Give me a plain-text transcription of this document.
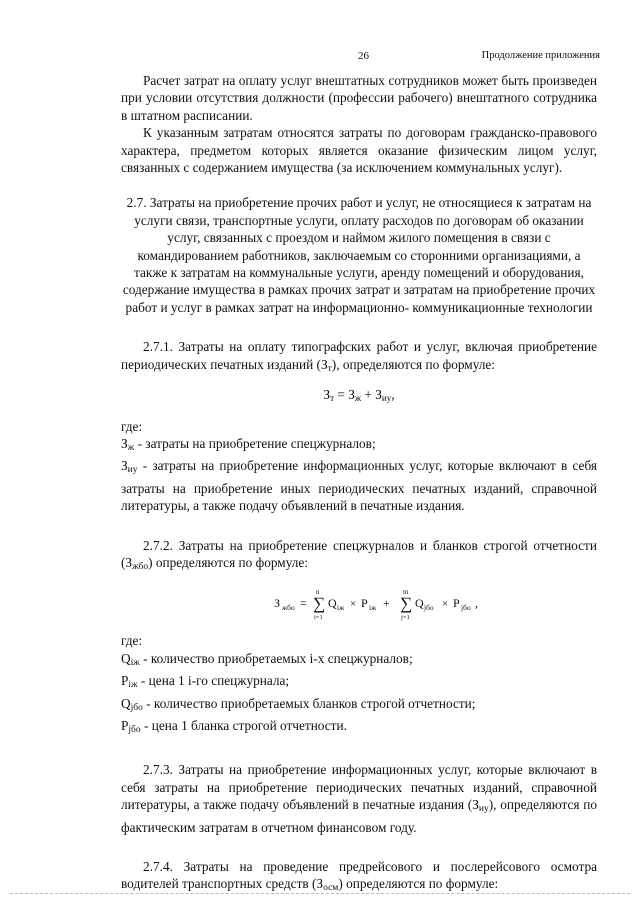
26	Продолжение приложения

Расчет затрат на оплату услуг внештатных сотрудников может быть произведен при условии отсутствия должности (профессии рабочего) внештатного сотрудника в штатном расписании.

К указанным затратам относятся затраты по договорам гражданско-правового характера, предметом которых является оказание физическим лицом услуг, связанных с содержанием имущества (за исключением коммунальных услуг).

2.7. Затраты на приобретение прочих работ и услуг, не относящиеся к затратам на услуги связи, транспортные услуги, оплату расходов по договорам об оказании услуг, связанных с проездом и наймом жилого помещения в связи с командированием работников, заключаемым со сторонними организациями, а также к затратам на коммунальные услуги, аренду помещений и оборудования, содержание имущества в рамках прочих затрат и затратам на приобретение прочих работ и услуг в рамках затрат на информационно- коммуникационные технологии

2.7.1. Затраты на оплату типографских работ и услуг, включая приобретение периодических печатных изданий $(З_т)$, определяются по формуле:

$З_т = З_ж + З_{иу}$,

где:

$З_ж$ - затраты на приобретение спецжурналов;

$З_{иу}$ - затраты на приобретение информационных услуг, которые включают в себя затраты на приобретение иных периодических печатных изданий, справочной литературы, а также подачу объявлений в печатные издания.

2.7.2. Затраты на приобретение спецжурналов и бланков строгой отчетности $(З_{жбо})$ определяются по формуле:

З жбо =
n
∑
i=1
Q iж × P iж +
m
∑
j=1
Q jбо × P jбо ,

где:

$Q_{iж}$ - количество приобретаемых i-х спецжурналов;

$P_{iж}$ - цена 1 i-го спецжурнала;

$Q_{jбо}$ - количество приобретаемых бланков строгой отчетности;

$P_{jбо}$ - цена 1 бланка строгой отчетности.

2.7.3. Затраты на приобретение информационных услуг, которые включают в себя затраты на приобретение периодических печатных изданий, справочной литературы, а также подачу объявлений в печатные издания $(З_{иу})$, определяются по фактическим затратам в отчетном финансовом году.

2.7.4. Затраты на проведение предрейсового и послерейсового осмотра водителей транспортных средств $(З_{осм})$ определяются по формуле:
